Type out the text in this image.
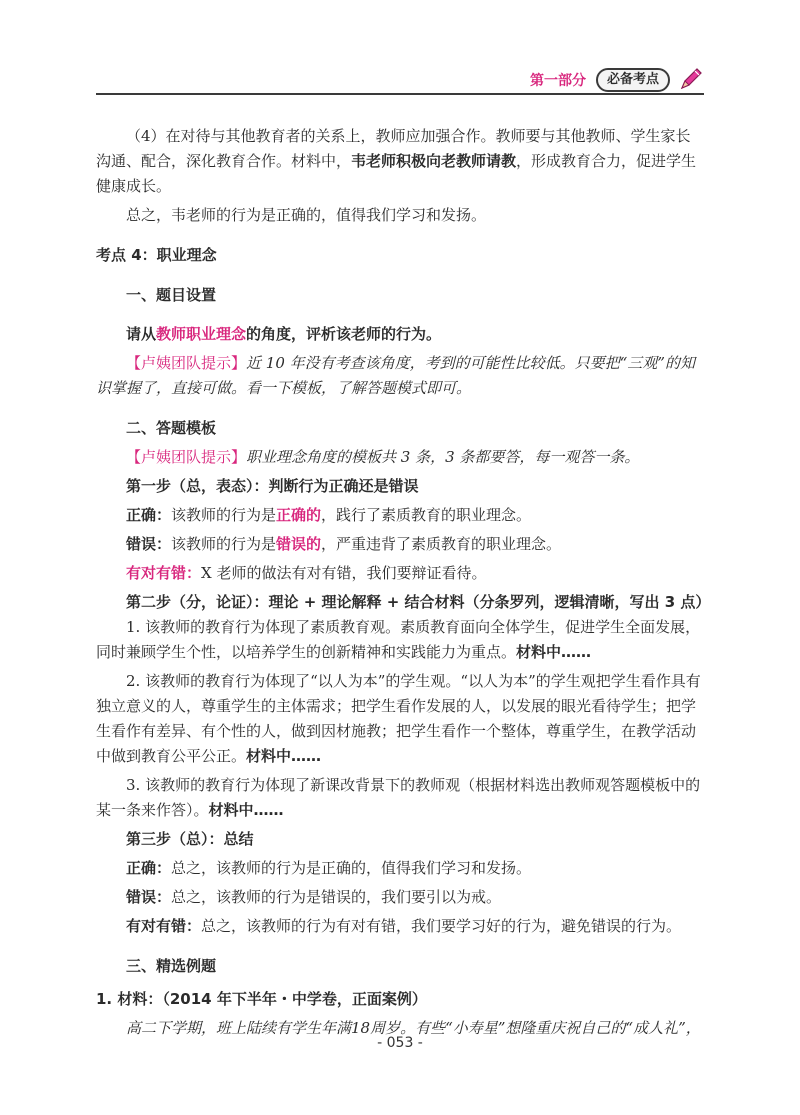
第一部分	必备考点

（4）在对待与其他教育者的关系上，教师应加强合作。教师要与其他教师、学生家长沟通、配合，深化教育合作。材料中，韦老师积极向老教师请教，形成教育合力，促进学生健康成长。

总之，韦老师的行为是正确的，值得我们学习和发扬。

考点 4：职业理念

一、题目设置

请从教师职业理念的角度，评析该老师的行为。

【卢姨团队提示】近 10 年没有考查该角度，考到的可能性比较低。只要把“三观”的知识掌握了，直接可做。看一下模板，了解答题模式即可。

二、答题模板

【卢姨团队提示】职业理念角度的模板共 3 条，3 条都要答，每一观答一条。

第一步（总，表态）：判断行为正确还是错误

正确：该教师的行为是正确的，践行了素质教育的职业理念。

错误：该教师的行为是错误的，严重违背了素质教育的职业理念。

有对有错：X 老师的做法有对有错，我们要辩证看待。

第二步（分，论证）：理论 + 理论解释 + 结合材料（分条罗列，逻辑清晰，写出 3 点）

1. 该教师的教育行为体现了素质教育观。素质教育面向全体学生，促进学生全面发展，同时兼顾学生个性，以培养学生的创新精神和实践能力为重点。材料中……

2. 该教师的教育行为体现了“以人为本”的学生观。“以人为本”的学生观把学生看作具有独立意义的人，尊重学生的主体需求；把学生看作发展的人，以发展的眼光看待学生；把学生看作有差异、有个性的人，做到因材施教；把学生看作一个整体，尊重学生，在教学活动中做到教育公平公正。材料中……

3. 该教师的教育行为体现了新课改背景下的教师观（根据材料选出教师观答题模板中的某一条来作答）。材料中……

第三步（总）：总结

正确：总之，该教师的行为是正确的，值得我们学习和发扬。

错误：总之，该教师的行为是错误的，我们要引以为戒。

有对有错：总之，该教师的行为有对有错，我们要学习好的行为，避免错误的行为。

三、精选例题

1. 材料：（2014 年下半年・中学卷，正面案例）

高二下学期，班上陆续有学生年满18周岁。有些“小寿星”想隆重庆祝自己的“成人礼”，

- 053 -
